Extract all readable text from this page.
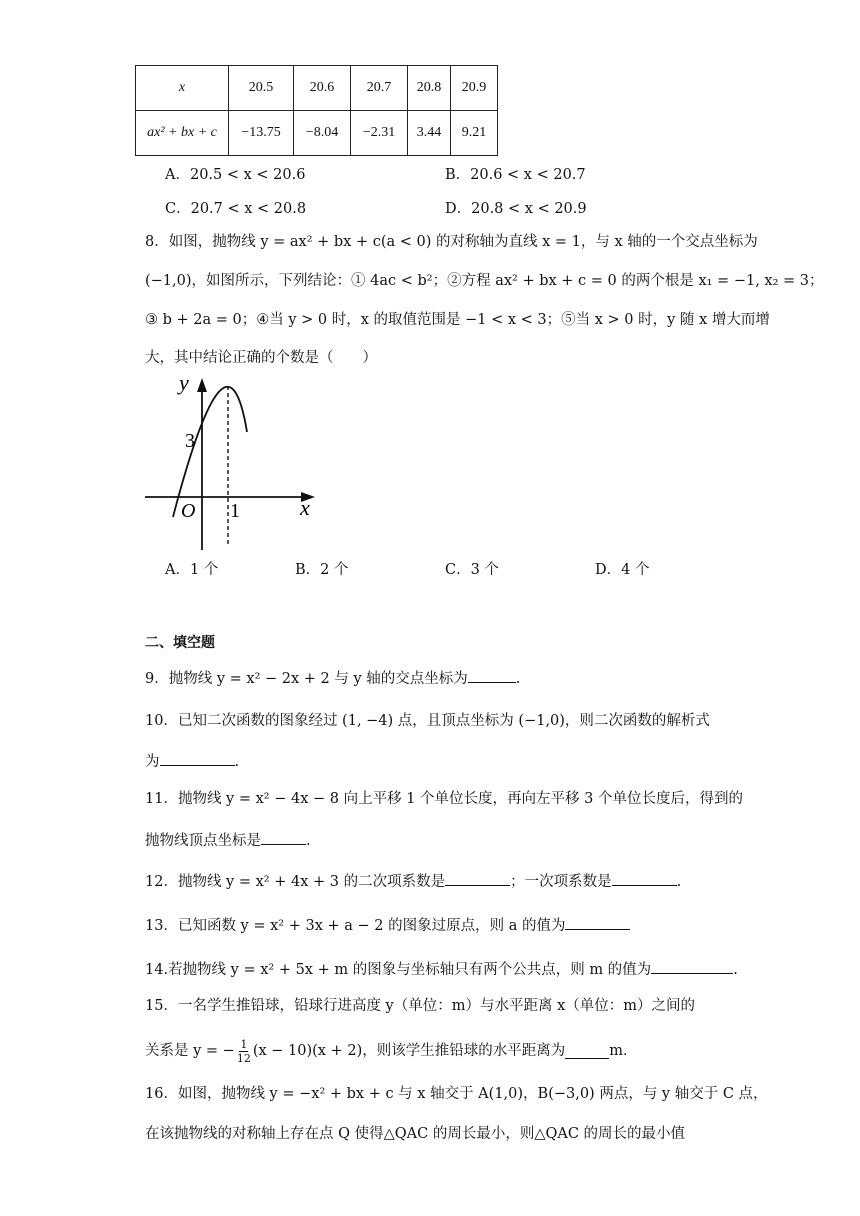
x	20.5	20.6	20.7	20.8	20.9
ax² + bx + c	−13.75	−8.04	−2.31	3.44	9.21
A．20.5 < x < 20.6	B．20.6 < x < 20.7
C．20.7 < x < 20.8	D．20.8 < x < 20.9
8．如图，抛物线 y = ax² + bx + c(a < 0) 的对称轴为直线 x = 1，与 x 轴的一个交点坐标为
(−1,0)，如图所示，下列结论：① 4ac < b²；②方程 ax² + bx + c = 0 的两个根是 x₁ = −1, x₂ = 3；
③ b + 2a = 0；④当 y > 0 时，x 的取值范围是 −1 < x < 3；⑤当 x > 0 时，y 随 x 增大而增
大，其中结论正确的个数是（　　）
y
x
O 1
3
A．1 个	B．2 个	C．3 个	D．4 个
二、填空题
9．抛物线 y = x² − 2x + 2 与 y 轴的交点坐标为	.
10．已知二次函数的图象经过 (1, −4) 点，且顶点坐标为 (−1,0)，则二次函数的解析式
为	.
11．抛物线 y = x² − 4x − 8 向上平移 1 个单位长度，再向左平移 3 个单位长度后，得到的
抛物线顶点坐标是	.
12．抛物线 y = x² + 4x + 3 的二次项系数是	；一次项系数是	.
13．已知函数 y = x² + 3x + a − 2 的图象过原点，则 a 的值为
14.若抛物线 y = x² + 5x + m 的图象与坐标轴只有两个公共点，则 m 的值为	.
15．一名学生推铅球，铅球行进高度 y（单位：m）与水平距离 x（单位：m）之间的
关系是 y = − $\frac{1}{12} (x - 10)(x + 2)$，则该学生推铅球的水平距离为	m．
16．如图，抛物线 y = −x² + bx + c 与 x 轴交于 A(1,0)，B(−3,0) 两点，与 y 轴交于 C 点，
在该抛物线的对称轴上存在点 Q 使得△QAC 的周长最小，则△QAC 的周长的最小值
